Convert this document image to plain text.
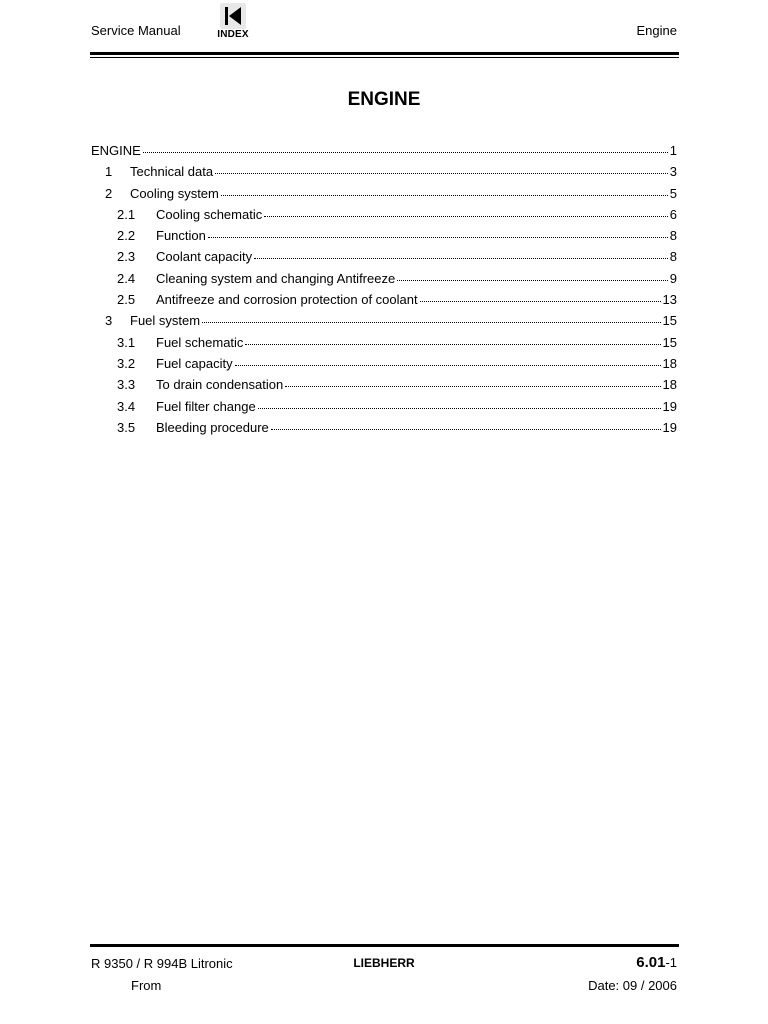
Service Manual	INDEX	Engine
ENGINE
ENGINE	1
1	Technical data	3
2	Cooling system	5
2.1	Cooling schematic	6
2.2	Function	8
2.3	Coolant capacity	8
2.4	Cleaning system and changing Antifreeze	9
2.5	Antifreeze and corrosion protection of coolant	13
3	Fuel system	15
3.1	Fuel schematic	15
3.2	Fuel capacity	18
3.3	To drain condensation	18
3.4	Fuel filter change	19
3.5	Bleeding procedure	19
R 9350 / R 994B Litronic	LIEBHERR	6.01-1
From	Date: 09 / 2006
